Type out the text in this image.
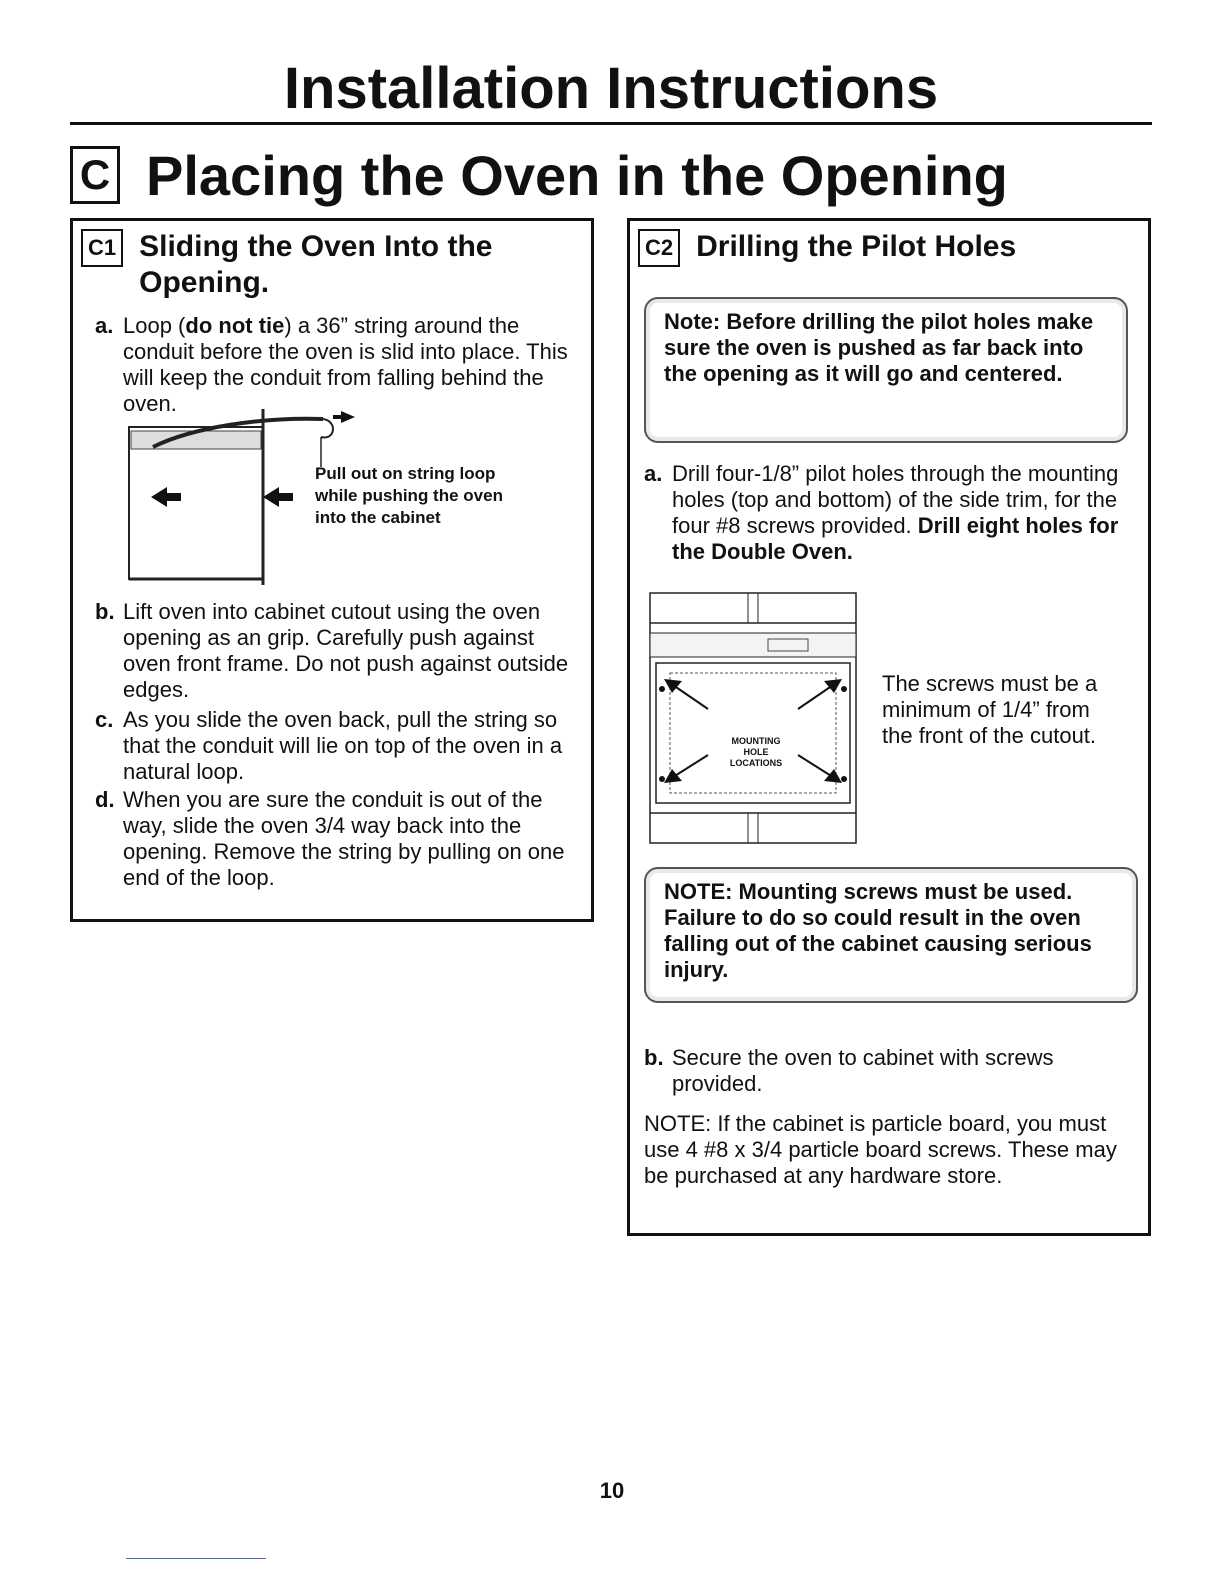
Installation Instructions
C Placing the Oven in the Opening
C1 Sliding the Oven Into the Opening.
a. Loop (do not tie) a 36” string around the conduit before the oven is slid into place. This will keep the conduit from falling behind the oven.
Pull out on string loop while pushing the oven into the cabinet
b. Lift oven into cabinet cutout using the oven opening as an grip. Carefully push against oven front frame. Do not push against outside edges.
c. As you slide the oven back, pull the string so that the conduit will lie on top of the oven in a natural loop.
d. When you are sure the conduit is out of the way, slide the oven 3/4 way back into the opening. Remove the string by pulling on one end of the loop.
C2 Drilling the Pilot Holes
Note: Before drilling the pilot holes make sure the oven is pushed as far back into the opening as it will go and centered.
a. Drill four-1/8” pilot holes through the mounting holes (top and bottom) of the side trim, for the four #8 screws provided. Drill eight holes for the Double Oven.
MOUNTING HOLE LOCATIONS
The screws must be a minimum of 1/4” from the front of the cutout.
NOTE: Mounting screws must be used. Failure to do so could result in the oven falling out of the cabinet causing serious injury.
b. Secure the oven to cabinet with screws provided.
NOTE: If the cabinet is particle board, you must use 4 #8 x 3/4 particle board screws. These may be purchased at any hardware store.
10
